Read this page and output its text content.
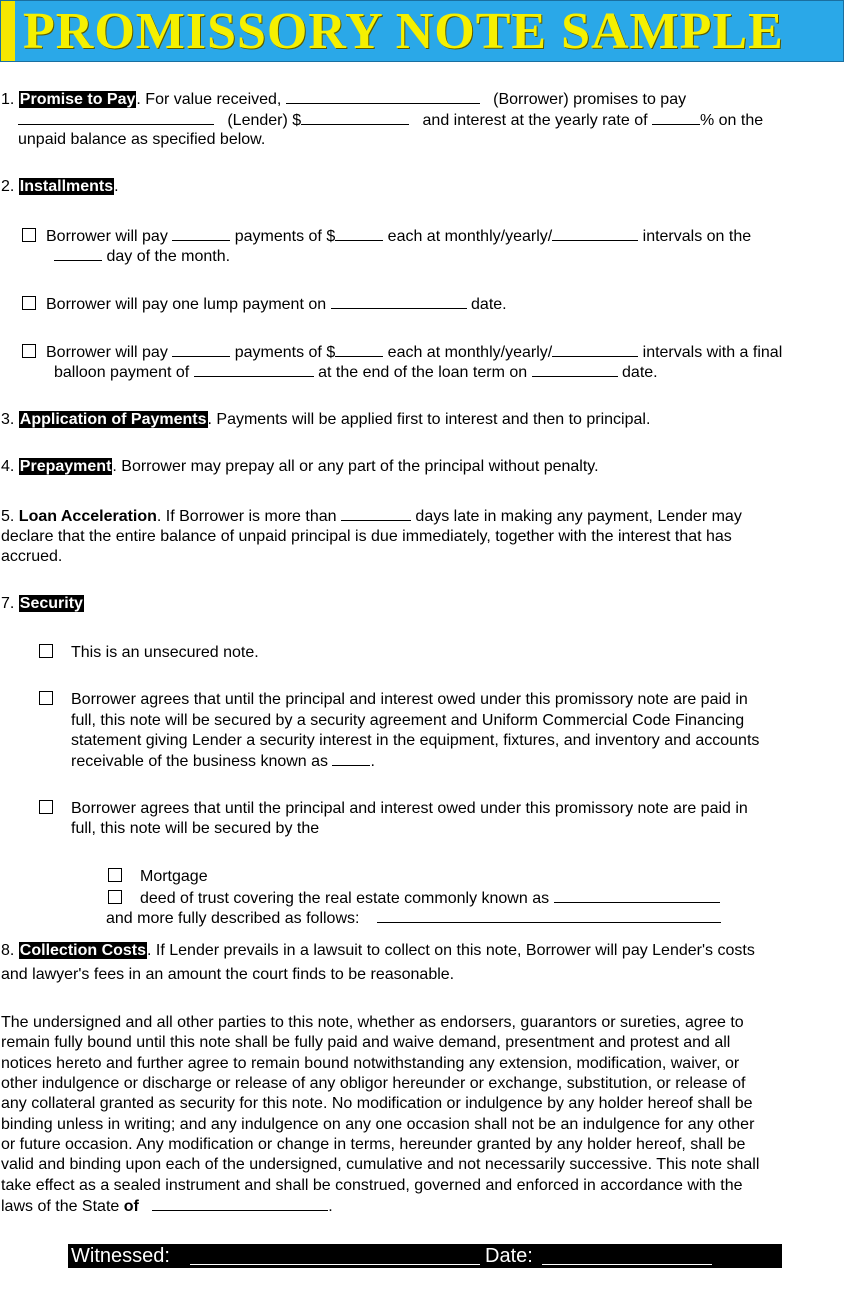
PROMISSORY NOTE SAMPLE
1. Promise to Pay. For value received,	(Borrower) promises to pay
(Lender) $	and interest at the yearly rate of	% on the
unpaid balance as specified below.
2. Installments.
Borrower will pay	payments of $	each at monthly/yearly/	intervals on the
day of the month.
Borrower will pay one lump payment on	date.
Borrower will pay	payments of $	each at monthly/yearly/	intervals with a final
balloon payment of	at the end of the loan term on	date.
3. Application of Payments. Payments will be applied first to interest and then to principal.
4. Prepayment. Borrower may prepay all or any part of the principal without penalty.
5. Loan Acceleration. If Borrower is more than	days late in making any payment, Lender may
declare that the entire balance of unpaid principal is due immediately, together with the interest that has
accrued.
7. Security
This is an unsecured note.
Borrower agrees that until the principal and interest owed under this promissory note are paid in
full, this note will be secured by a security agreement and Uniform Commercial Code Financing
statement giving Lender a security interest in the equipment, fixtures, and inventory and accounts
receivable of the business known as .
Borrower agrees that until the principal and interest owed under this promissory note are paid in
full, this note will be secured by the
Mortgage
deed of trust covering the real estate commonly known as
and more fully described as follows:
8. Collection Costs. If Lender prevails in a lawsuit to collect on this note, Borrower will pay Lender's costs
and lawyer's fees in an amount the court finds to be reasonable.
The undersigned and all other parties to this note, whether as endorsers, guarantors or sureties, agree to
remain fully bound until this note shall be fully paid and waive demand, presentment and protest and all
notices hereto and further agree to remain bound notwithstanding any extension, modification, waiver, or
other indulgence or discharge or release of any obligor hereunder or exchange, substitution, or release of
any collateral granted as security for this note. No modification or indulgence by any holder hereof shall be
binding unless in writing; and any indulgence on any one occasion shall not be an indulgence for any other
or future occasion. Any modification or change in terms, hereunder granted by any holder hereof, shall be
valid and binding upon each of the undersigned, cumulative and not necessarily successive. This note shall
take effect as a sealed instrument and shall be construed, governed and enforced in accordance with the
laws of the State of	.
Witnessed:	Date:
